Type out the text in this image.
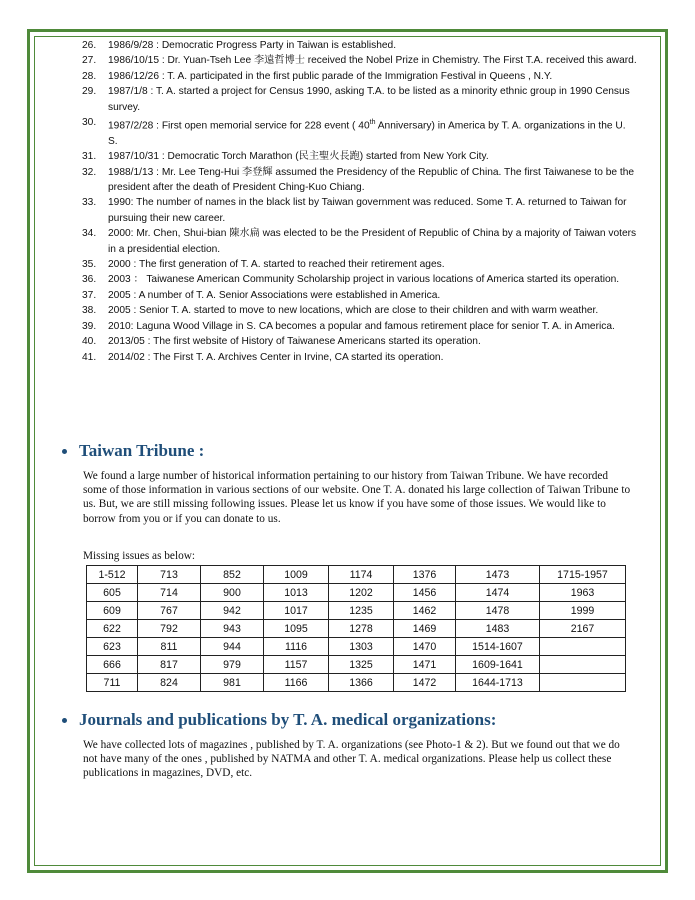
26.	1986/9/28 : Democratic Progress Party in Taiwan is established.
27.	1986/10/15 : Dr. Yuan-Tseh Lee 李遠哲博士 received the Nobel Prize in Chemistry. The First T.A. received this award.
28.	1986/12/26 : T. A. participated in the first public parade of the Immigration Festival in Queens , N.Y.
29.	1987/1/8 : T. A. started a project for Census 1990, asking T.A. to be listed as a minority ethnic group in 1990 Census survey.
30.	1987/2/28 : First open memorial service for 228 event ( 40th Anniversary) in America by T. A. organizations in the U. S.
31.	1987/10/31 : Democratic Torch Marathon (民主聖火長跑) started from New York City.
32.	1988/1/13 : Mr. Lee Teng-Hui 李登輝 assumed the Presidency of the Republic of China. The first Taiwanese to be the president after the death of President Ching-Kuo Chiang.
33.	1990: The number of names in the black list by Taiwan government was reduced. Some T. A. returned to Taiwan for pursuing their new career.
34.	2000: Mr. Chen, Shui-bian 陳水扁 was elected to be the President of Republic of China by a majority of Taiwan voters in a presidential election.
35.	2000 : The first generation of T. A. started to reached their retirement ages.
36.	2003 ： Taiwanese American Community Scholarship project in various locations of America started its operation.
37.	2005 : A number of T. A. Senior Associations were established in America.
38.	2005 : Senior T. A. started to move to new locations, which are close to their children and with warm weather.
39.	2010: Laguna Wood Village in S. CA becomes a popular and famous retirement place for senior T. A. in America.
40.	2013/05 : The first website of History of Taiwanese Americans started its operation.
41.	2014/02 : The First T. A. Archives Center in Irvine, CA started its operation.
Taiwan Tribune :
We found a large number of historical information pertaining to our history from Taiwan Tribune. We have recorded some of those information in various sections of our website. One T. A. donated his large collection of Taiwan Tribune to us. But, we are still missing following issues. Please let us know if you have some of those issues. We would like to borrow from you or if you can donate to us.
Missing issues as below:
1-512	713	852	1009	1174	1376	1473	1715-1957
605	714	900	1013	1202	1456	1474	1963
609	767	942	1017	1235	1462	1478	1999
622	792	943	1095	1278	1469	1483	2167
623	811	944	1116	1303	1470	1514-1607	
666	817	979	1157	1325	1471	1609-1641	
711	824	981	1166	1366	1472	1644-1713	
Journals and publications by T. A. medical organizations:
We have collected lots of magazines , published by T. A. organizations (see Photo-1 & 2). But we found out that we do not have many of the ones , published by NATMA and other T. A. medical organizations. Please help us collect these publications in magazines, DVD, etc.
